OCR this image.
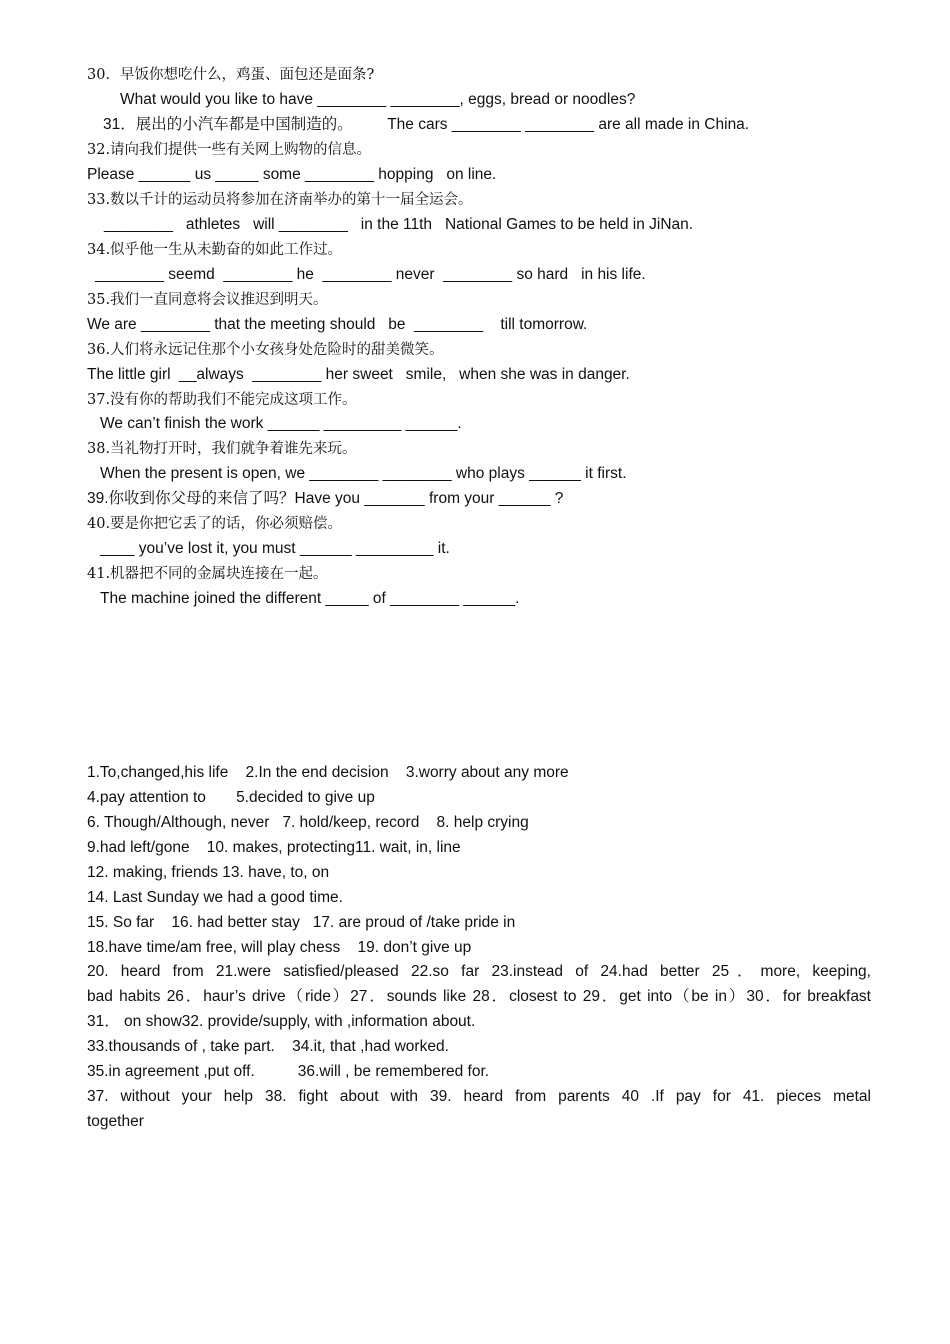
30．早饭你想吃什么，鸡蛋、面包还是面条?
What would you like to have ________ ________, eggs, bread or noodles?
31．展出的小汽车都是中国制造的。        The cars ________ ________ are all made in China.
32.请向我们提供一些有关网上购物的信息。
Please ______ us _____ some ________ hopping   on line.
33.数以千计的运动员将参加在济南举办的第十一届全运会。
________   athletes   will ________   in the 11th   National Games to be held in JiNan.
34.似乎他一生从未勤奋的如此工作过。
________ seemd  ________ he  ________ never  ________ so hard   in his life.
35.我们一直同意将会议推迟到明天。
We are ________ that the meeting should   be  ________    till tomorrow.
36.人们将永远记住那个小女孩身处危险时的甜美微笑。
The little girl  __always  ________ her sweet   smile,   when she was in danger.
37.没有你的帮助我们不能完成这项工作。
We can’t finish the work ______ _________ ______.
38.当礼物打开时，我们就争着谁先来玩。
When the present is open, we ________ ________ who plays ______ it first.
39.你收到你父母的来信了吗？Have you _______ from your ______ ?
40.要是你把它丢了的话，你必须赔偿。
____ you’ve lost it, you must ______ _________ it.
41.机器把不同的金属块连接在一起。
The machine joined the different _____ of ________ ______.
1.To,changed,his life    2.In the end decision    3.worry about any more
4.pay attention to       5.decided to give up
6. Though/Although, never   7. hold/keep, record    8. help crying
9.had left/gone    10. makes, protecting11. wait, in, line
12. making, friends 13. have, to, on
14. Last Sunday we had a good time.
15. So far    16. had better stay   17. are proud of /take pride in
18.have time/am free, will play chess    19. don’t give up
20. heard from 21.were satisfied/pleased 22.so far 23.instead of 24.had better 25．more, keeping,
bad habits 26．haur’s drive（ride）27．sounds like 28．closest to 29．get into（be in）30．for breakfast
31． on show32. provide/supply, with ,information about.
33.thousands of , take part.    34.it, that ,had worked.
35.in agreement ,put off.          36.will , be remembered for.
37. without your help 38. fight about with 39. heard from parents 40 .If pay for 41. pieces metal
together
